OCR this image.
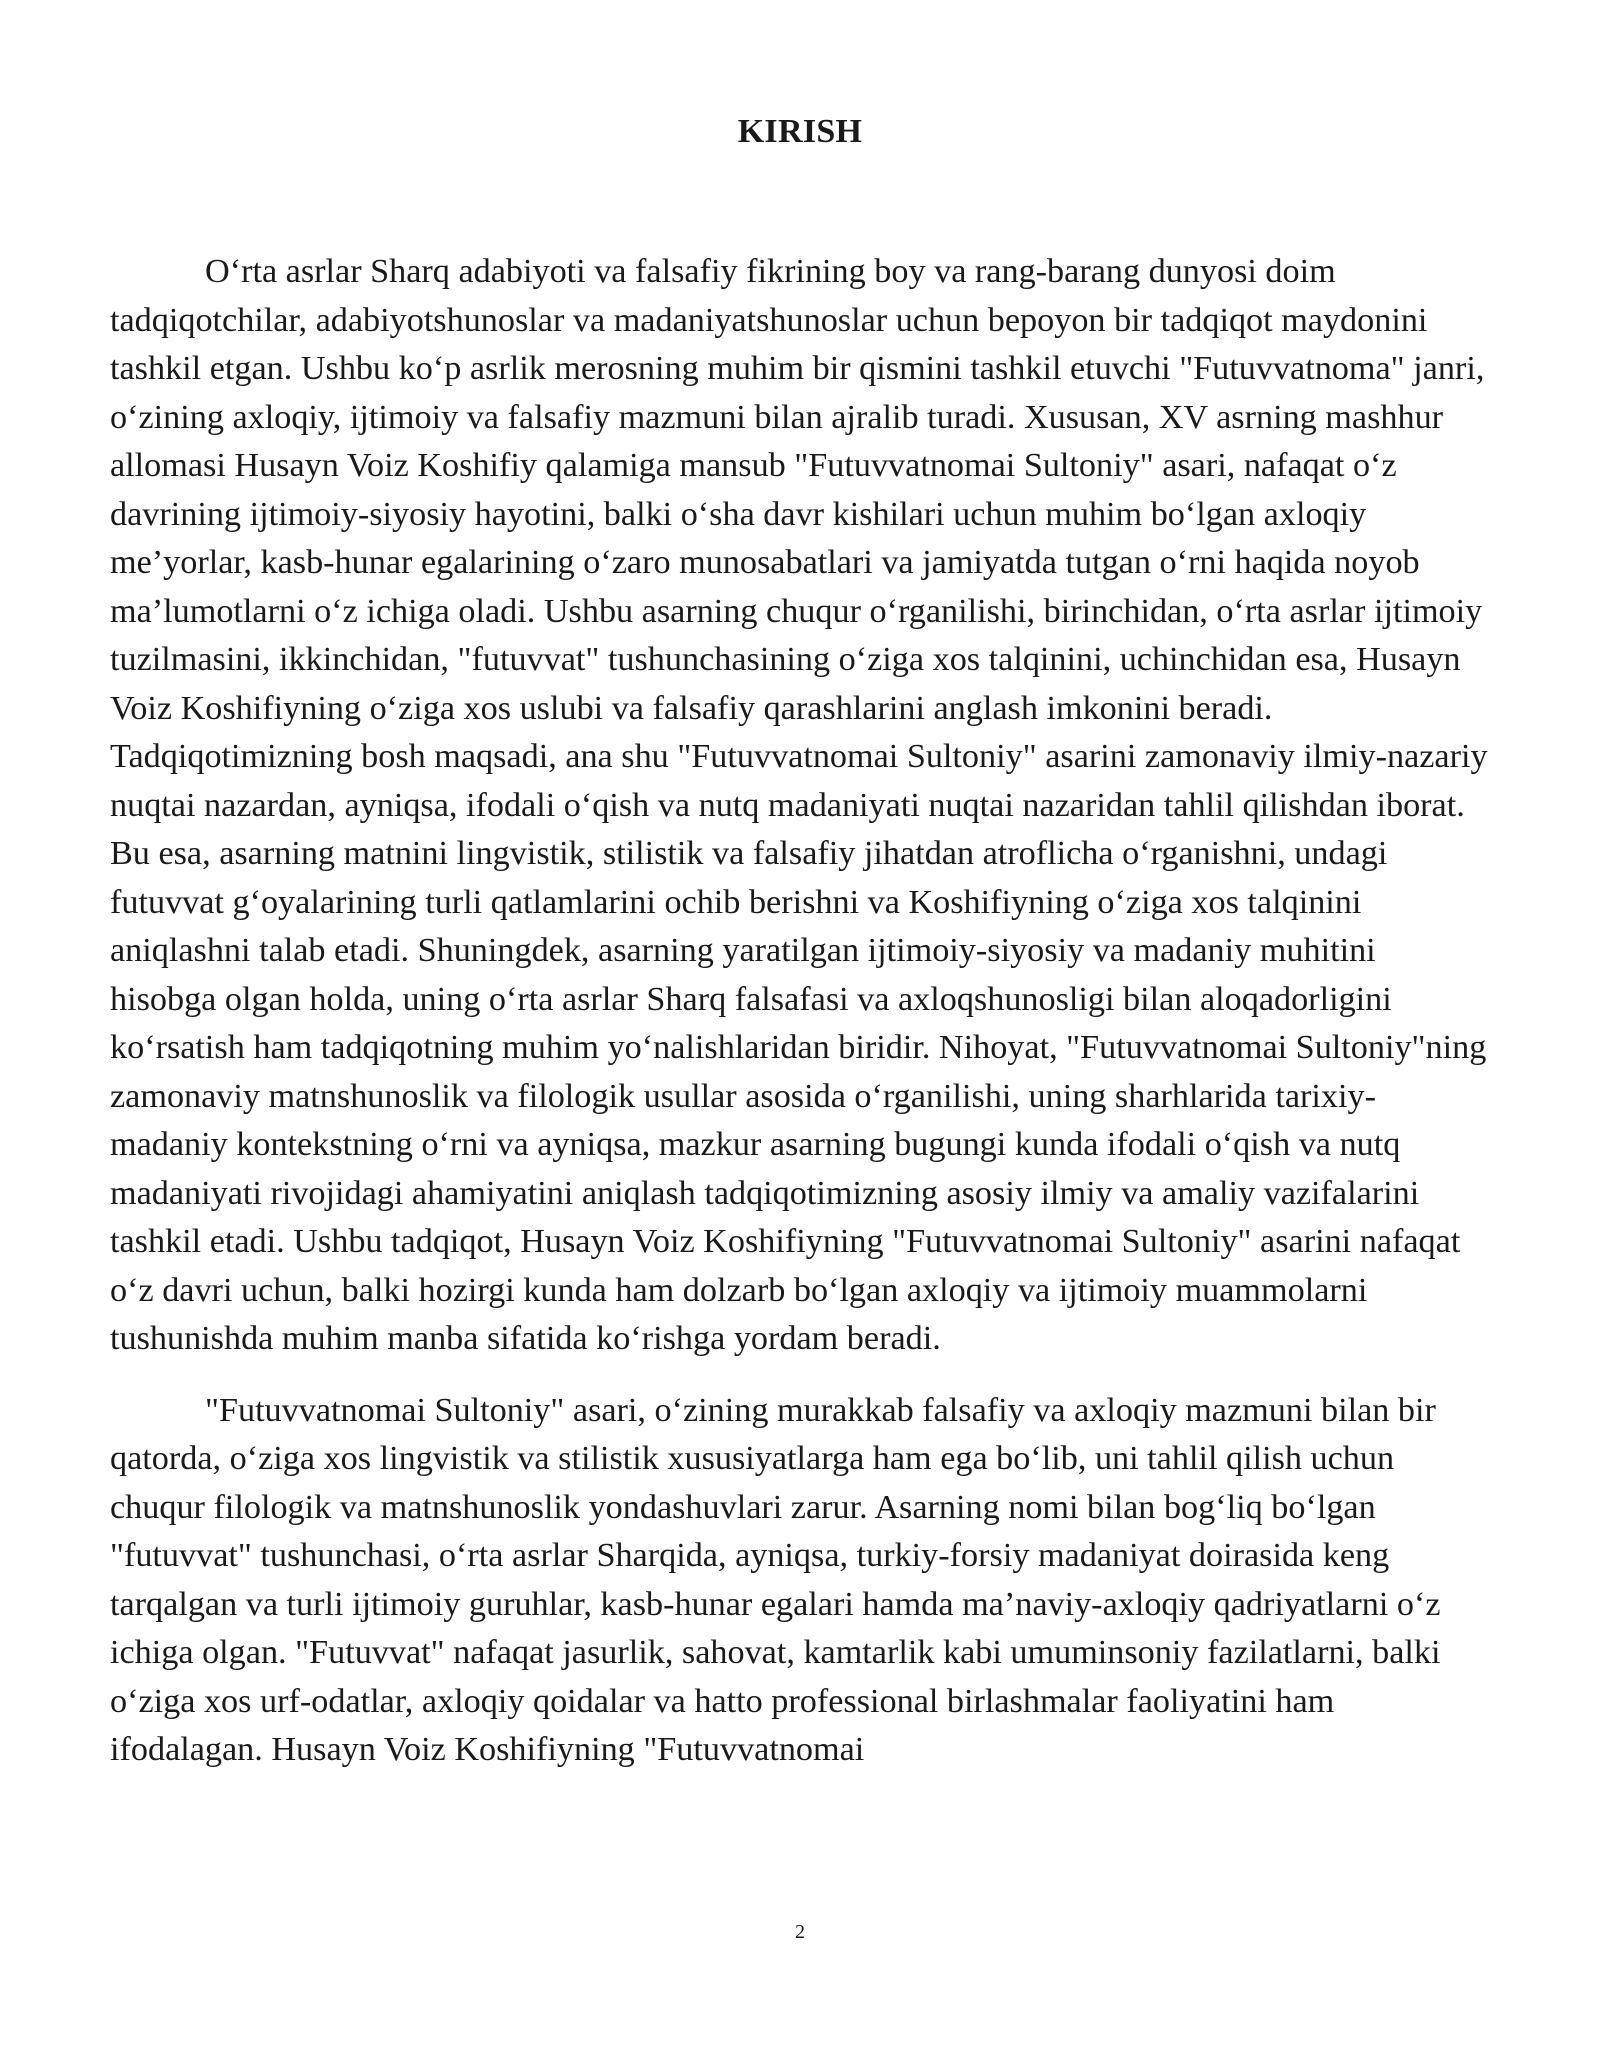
KIRISH

O‘rta asrlar Sharq adabiyoti va falsafiy fikrining boy va rang-barang dunyosi doim tadqiqotchilar, adabiyotshunoslar va madaniyatshunoslar uchun bepoyon bir tadqiqot maydonini tashkil etgan. Ushbu ko‘p asrlik merosning muhim bir qismini tashkil etuvchi "Futuvvatnoma" janri, o‘zining axloqiy, ijtimoiy va falsafiy mazmuni bilan ajralib turadi. Xususan, XV asrning mashhur allomasi Husayn Voiz Koshifiy qalamiga mansub "Futuvvatnomai Sultoniy" asari, nafaqat o‘z davrining ijtimoiy-siyosiy hayotini, balki o‘sha davr kishilari uchun muhim bo‘lgan axloqiy me’yorlar, kasb-hunar egalarining o‘zaro munosabatlari va jamiyatda tutgan o‘rni haqida noyob ma’lumotlarni o‘z ichiga oladi. Ushbu asarning chuqur o‘rganilishi, birinchidan, o‘rta asrlar ijtimoiy tuzilmasini, ikkinchidan, "futuvvat" tushunchasining o‘ziga xos talqinini, uchinchidan esa, Husayn Voiz Koshifiyning o‘ziga xos uslubi va falsafiy qarashlarini anglash imkonini beradi. Tadqiqotimizning bosh maqsadi, ana shu "Futuvvatnomai Sultoniy" asarini zamonaviy ilmiy-nazariy nuqtai nazardan, ayniqsa, ifodali o‘qish va nutq madaniyati nuqtai nazaridan tahlil qilishdan iborat. Bu esa, asarning matnini lingvistik, stilistik va falsafiy jihatdan atroflicha o‘rganishni, undagi futuvvat g‘oyalarining turli qatlamlarini ochib berishni va Koshifiyning o‘ziga xos talqinini aniqlashni talab etadi. Shuningdek, asarning yaratilgan ijtimoiy-siyosiy va madaniy muhitini hisobga olgan holda, uning o‘rta asrlar Sharq falsafasi va axloqshunosligi bilan aloqadorligini ko‘rsatish ham tadqiqotning muhim yo‘nalishlaridan biridir. Nihoyat, "Futuvvatnomai Sultoniy"ning zamonaviy matnshunoslik va filologik usullar asosida o‘rganilishi, uning sharhlarida tarixiy-madaniy kontekstning o‘rni va ayniqsa, mazkur asarning bugungi kunda ifodali o‘qish va nutq madaniyati rivojidagi ahamiyatini aniqlash tadqiqotimizning asosiy ilmiy va amaliy vazifalarini tashkil etadi. Ushbu tadqiqot, Husayn Voiz Koshifiyning "Futuvvatnomai Sultoniy" asarini nafaqat o‘z davri uchun, balki hozirgi kunda ham dolzarb bo‘lgan axloqiy va ijtimoiy muammolarni tushunishda muhim manba sifatida ko‘rishga yordam beradi.

"Futuvvatnomai Sultoniy" asari, o‘zining murakkab falsafiy va axloqiy mazmuni bilan bir qatorda, o‘ziga xos lingvistik va stilistik xususiyatlarga ham ega bo‘lib, uni tahlil qilish uchun chuqur filologik va matnshunoslik yondashuvlari zarur. Asarning nomi bilan bog‘liq bo‘lgan "futuvvat" tushunchasi, o‘rta asrlar Sharqida, ayniqsa, turkiy-forsiy madaniyat doirasida keng tarqalgan va turli ijtimoiy guruhlar, kasb-hunar egalari hamda ma’naviy-axloqiy qadriyatlarni o‘z ichiga olgan. "Futuvvat" nafaqat jasurlik, sahovat, kamtarlik kabi umuminsoniy fazilatlarni, balki o‘ziga xos urf-odatlar, axloqiy qoidalar va hatto professional birlashmalar faoliyatini ham ifodalagan. Husayn Voiz Koshifiyning "Futuvvatnomai

2
